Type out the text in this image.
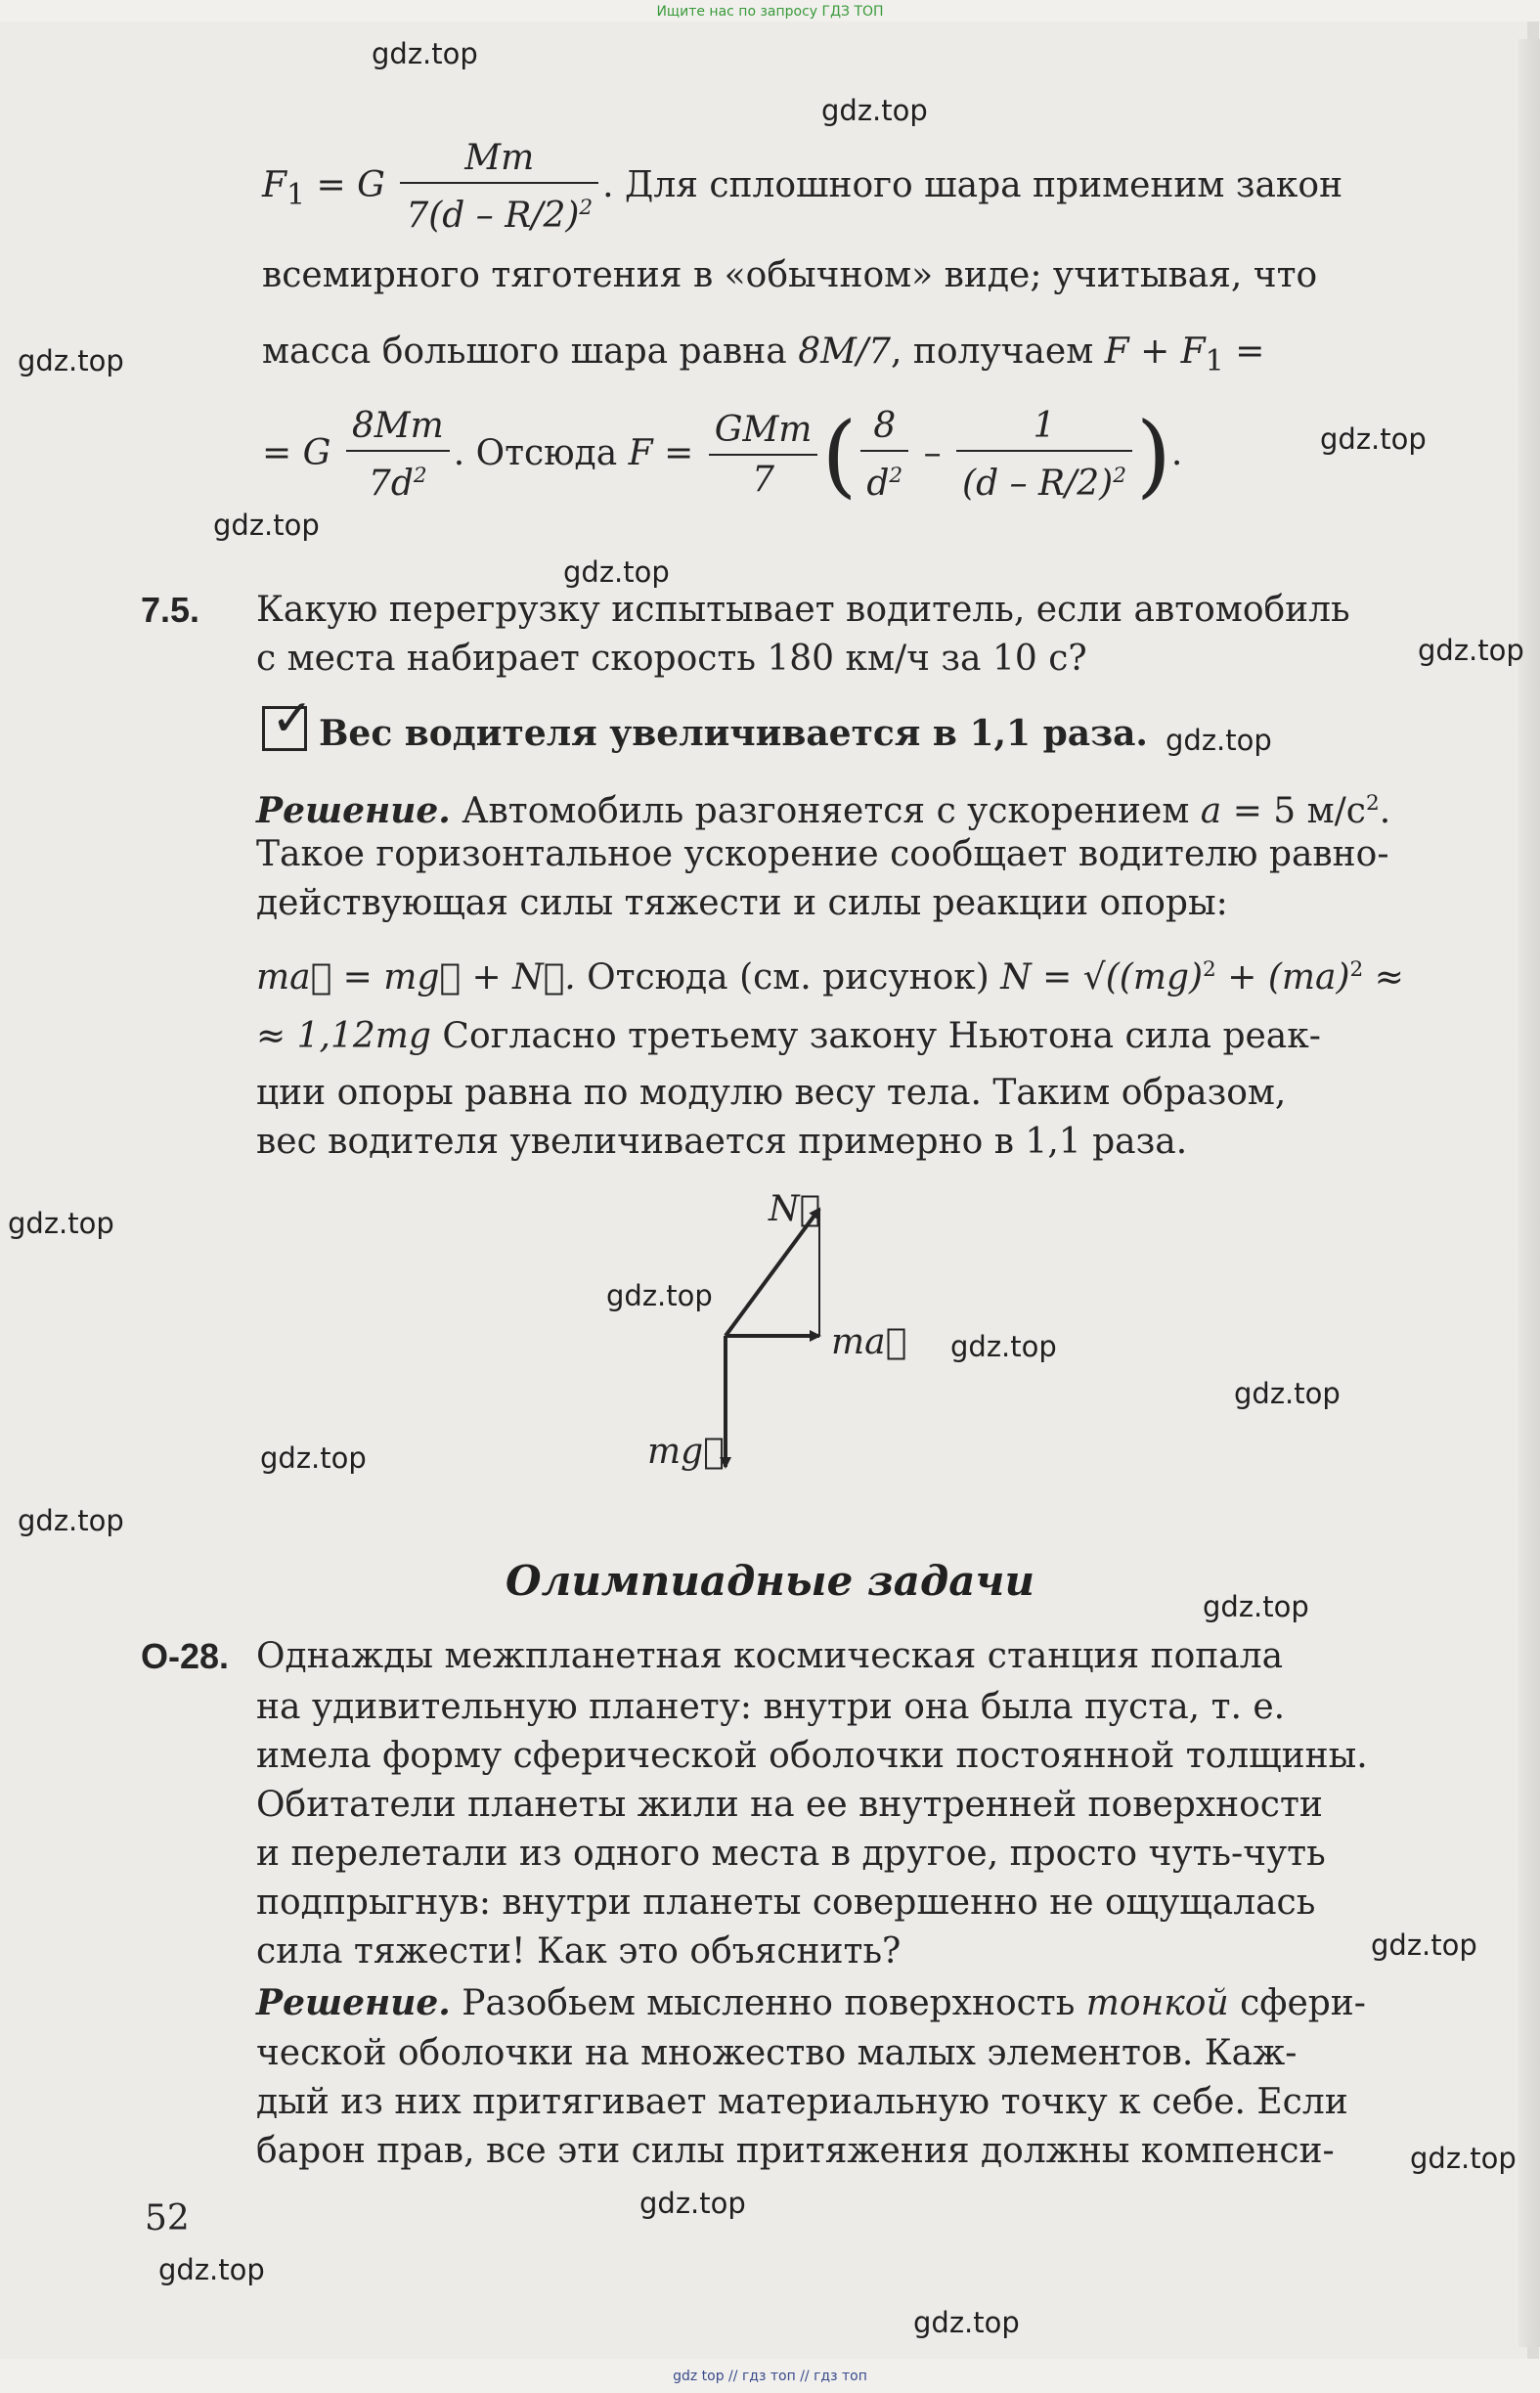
Ищите нас по запросу ГДЗ ТОП
gdz.top
gdz.top
gdz.top
gdz.top
gdz.top
gdz.top
gdz.top
gdz.top
gdz.top
gdz.top
gdz.top
gdz.top
gdz.top
gdz.top
gdz.top
gdz.top
gdz.top
gdz.top
gdz.top
gdz.top
$F_1 = G \frac{Mm}{7(d - R/2)^2}$ . Для сплошного шара применим закон
всемирного тяготения в «обычном» виде; учитывая, что
масса большого шара равна 8M/7, получаем $F + F_1$ =
= G $\frac{8Mm}{7d^2}$ . Отсюда $F = \frac{\text{GMm}}{7}$ ( $\frac{8}{d^2} - \frac{1}{(d - R/2)^2}$ ).
7.5. Какую перегрузку испытывает водитель, если автомобиль
с места набирает скорость 180 км/ч за 10 с?
✓ Вес водителя увеличивается в 1,1 раза.
Решение. Автомобиль разгоняется с ускорением a = 5 $м/с^2$.
Такое горизонтальное ускорение сообщает водителю равно-
действующая силы тяжести и силы реакции опоры:
ma⃗ = mg⃗ + N⃗. Отсюда (см. рисунок) N = √((mg)$^2$ + (ma)$^2$ ≈
≈ 1,12mg Согласно третьему закону Ньютона сила реак-
ции опоры равна по модулю весу тела. Таким образом,
вес водителя увеличивается примерно в 1,1 раза.
N⃗
ma⃗
mg⃗
Олимпиадные задачи
О-28. Однажды межпланетная космическая станция попала
на удивительную планету: внутри она была пуста, т. е.
имела форму сферической оболочки постоянной толщины.
Обитатели планеты жили на ее внутренней поверхности
и перелетали из одного места в другое, просто чуть-чуть
подпрыгнув: внутри планеты совершенно не ощущалась
сила тяжести! Как это объяснить?
Решение. Разобьем мысленно поверхность тонкой сфери-
ческой оболочки на множество малых элементов. Каж-
дый из них притягивает материальную точку к себе. Если
барон прав, все эти силы притяжения должны компенси-
52
gdz top // гдз топ // гдз топ
